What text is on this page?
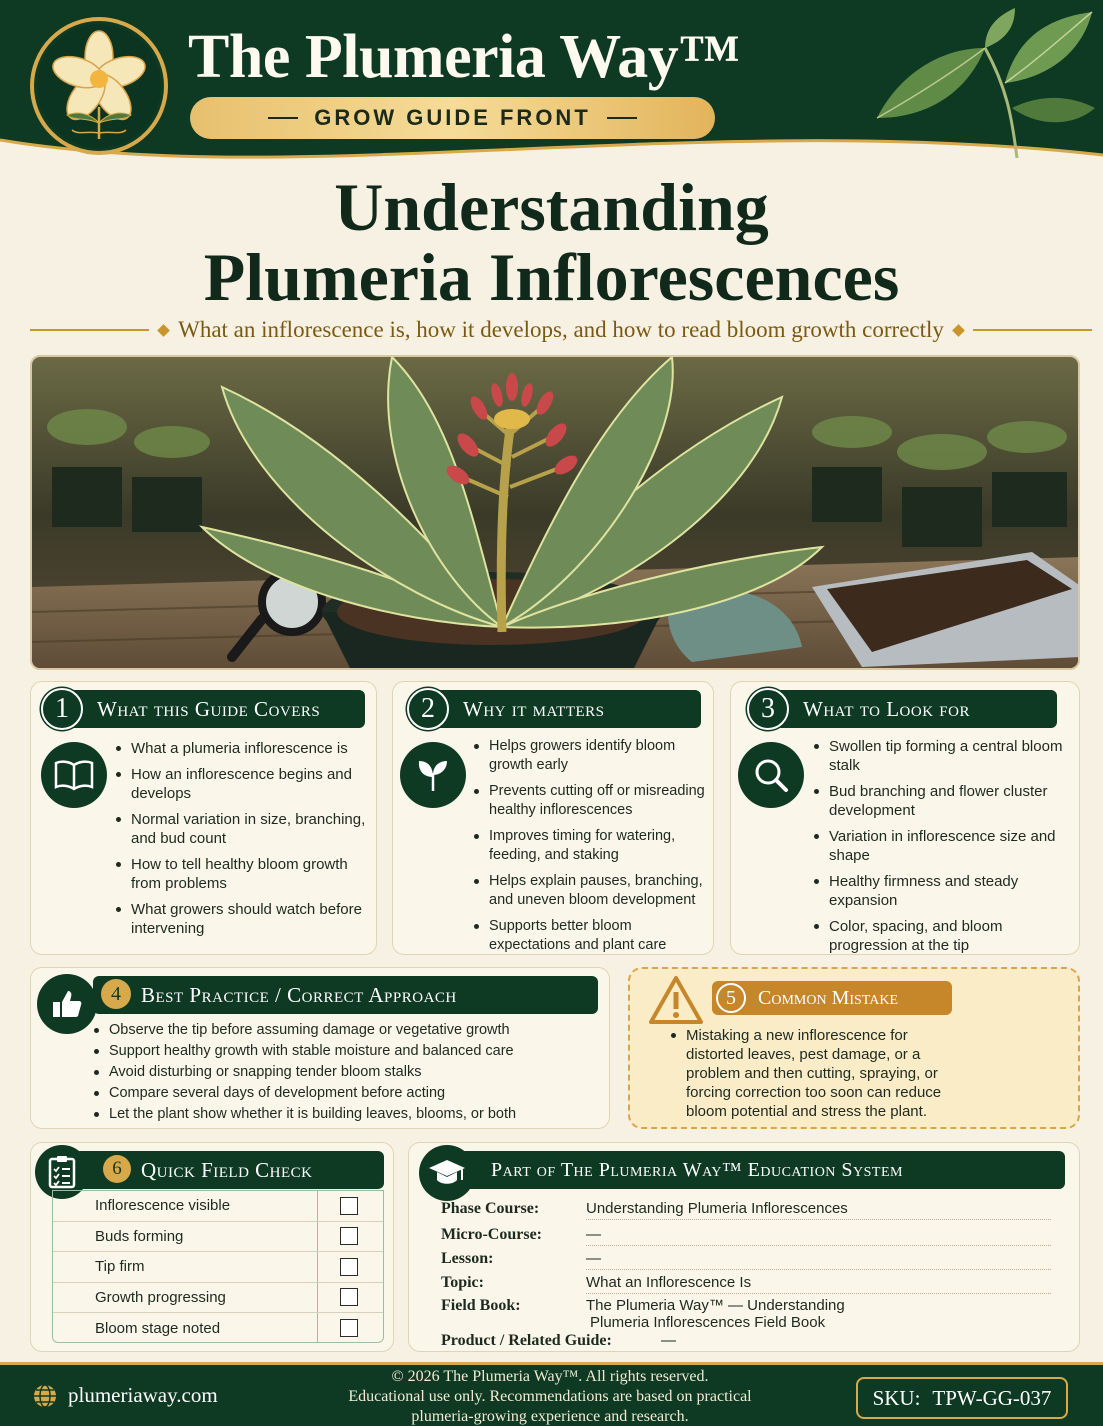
The Plumeria Way™
GROW GUIDE FRONT
Understanding
Plumeria Inflorescences
What an inflorescence is, how it develops, and how to read bloom growth correctly
1	What this Guide Covers
What a plumeria inflorescence is
How an inflorescence begins and develops
Normal variation in size, branching, and bud count
How to tell healthy bloom growth from problems
What growers should watch before intervening
2	Why it matters
Helps growers identify bloom growth early
Prevents cutting off or misreading healthy inflorescences
Improves timing for watering, feeding, and staking
Helps explain pauses, branching, and uneven bloom development
Supports better bloom expectations and plant care
3	What to Look for
Swollen tip forming a central bloom stalk
Bud branching and flower cluster development
Variation in inflorescence size and shape
Healthy firmness and steady expansion
Color, spacing, and bloom progression at the tip
4 Best Practice / Correct Approach
Observe the tip before assuming damage or vegetative growth
Support healthy growth with stable moisture and balanced care
Avoid disturbing or snapping tender bloom stalks
Compare several days of development before acting
Let the plant show whether it is building leaves, blooms, or both
5	Common Mistake
Mistaking a new inflorescence for distorted leaves, pest damage, or a problem and then cutting, spraying, or forcing correction too soon can reduce bloom potential and stress the plant.
6 Quick Field Check
Inflorescence visible
Buds forming
Tip firm
Growth progressing
Bloom stage noted
Part of The Plumeria Way™ Education System
Phase Course:	Understanding Plumeria Inflorescences
Micro-Course:	—
Lesson:	—
Topic:	What an Inflorescence Is
Field Book:	The Plumeria Way™ — Understanding
Plumeria Inflorescences Field Book
Product / Related Guide:	—
plumeriaway.com
© 2026 The Plumeria Way™. All rights reserved.
Educational use only. Recommendations are based on practical
plumeria-growing experience and research.
SKU: TPW-GG-037
